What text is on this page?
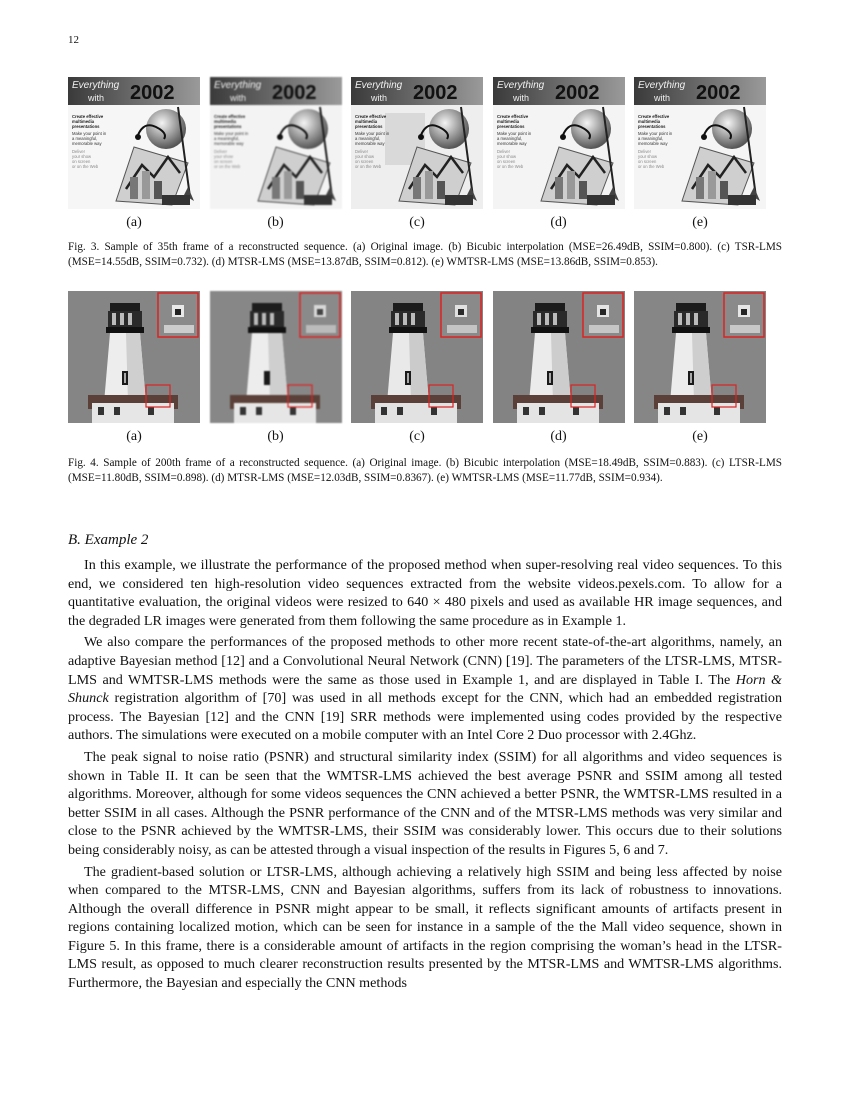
12
Everything
with 2002
Create effective
multimedia
presentations
Make your point in
a meaningful,
memorable way
Deliver
your show
on screen
or on the Web
(a)
Everything
with 2002
Create effective
multimedia
presentations
Make your point in
a meaningful,
memorable way
Deliver
your show
on screen
or on the Web
(b)
Everything
with 2002
Create effective
multimedia
presentations
Make your point in
a meaningful,
memorable way
Deliver
your show
on screen
or on the Web
(c)
Everything
with 2002
Create effective
multimedia
presentations
Make your point in
a meaningful,
memorable way
Deliver
your show
on screen
or on the Web
(d)
Everything
with 2002
Create effective
multimedia
presentations
Make your point in
a meaningful,
memorable way
Deliver
your show
on screen
or on the Web
(e)
Fig. 3. Sample of 35th frame of a reconstructed sequence. (a) Original image. (b) Bicubic interpolation (MSE=26.49dB, SSIM=0.800). (c) TSR-LMS (MSE=14.55dB, SSIM=0.732). (d) MTSR-LMS (MSE=13.87dB, SSIM=0.812). (e) WMTSR-LMS (MSE=13.86dB, SSIM=0.853).
(a)	(b)	(c)	(d)	(e)
Fig. 4. Sample of 200th frame of a reconstructed sequence. (a) Original image. (b) Bicubic interpolation (MSE=18.49dB, SSIM=0.883). (c) LTSR-LMS (MSE=11.80dB, SSIM=0.898). (d) MTSR-LMS (MSE=12.03dB, SSIM=0.8367). (e) WMTSR-LMS (MSE=11.77dB, SSIM=0.934).
B. Example 2

In this example, we illustrate the performance of the proposed method when super-resolving real video sequences. To this end, we considered ten high-resolution video sequences extracted from the website videos.pexels.com. To allow for a quantitative evaluation, the original videos were resized to 640 × 480 pixels and used as available HR image sequences, and the degraded LR images were generated from them following the same procedure as in Example 1.

We also compare the performances of the proposed methods to other more recent state-of-the-art algorithms, namely, an adaptive Bayesian method [12] and a Convolutional Neural Network (CNN) [19]. The parameters of the LTSR-LMS, MTSR-LMS and WMTSR-LMS methods were the same as those used in Example 1, and are displayed in Table I. The Horn & Shunck registration algorithm of [70] was used in all methods except for the CNN, which had an embedded registration process. The Bayesian [12] and the CNN [19] SRR methods were implemented using codes provided by the respective authors. The simulations were executed on a mobile computer with an Intel Core 2 Duo processor with 2.4Ghz.

The peak signal to noise ratio (PSNR) and structural similarity index (SSIM) for all algorithms and video sequences is shown in Table II. It can be seen that the WMTSR-LMS achieved the best average PSNR and SSIM among all tested algorithms. Moreover, although for some videos sequences the CNN achieved a better PSNR, the WMTSR-LMS resulted in a better SSIM in all cases. Although the PSNR performance of the CNN and of the MTSR-LMS methods was very similar and close to the PSNR achieved by the WMTSR-LMS, their SSIM was considerably lower. This occurs due to their solutions being considerably noisy, as can be attested through a visual inspection of the results in Figures 5, 6 and 7.

The gradient-based solution or LTSR-LMS, although achieving a relatively high SSIM and being less affected by noise when compared to the MTSR-LMS, CNN and Bayesian algorithms, suffers from its lack of robustness to innovations. Although the overall difference in PSNR might appear to be small, it reflects significant amounts of artifacts present in regions containing localized motion, which can be seen for instance in a sample of the the Mall video sequence, shown in Figure 5. In this frame, there is a considerable amount of artifacts in the region comprising the woman’s head in the LTSR-LMS result, as opposed to much clearer reconstruction results presented by the MTSR-LMS and WMTSR-LMS algorithms. Furthermore, the Bayesian and especially the CNN methods
